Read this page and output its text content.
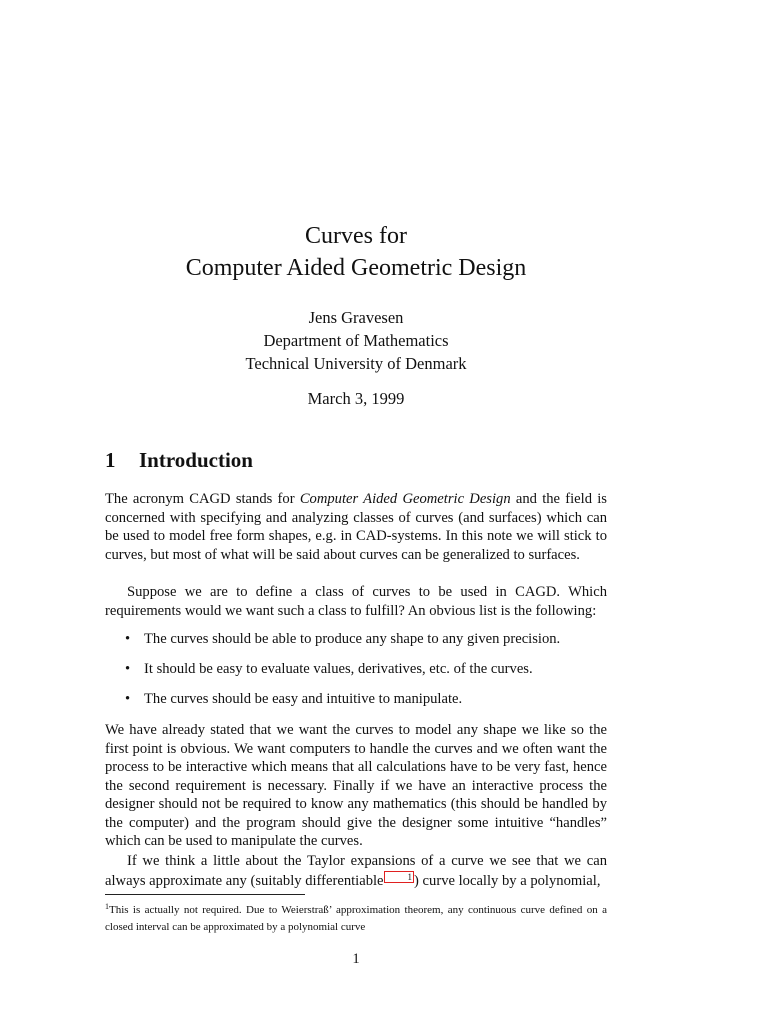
Curves for
Computer Aided Geometric Design
Jens Gravesen
Department of Mathematics
Technical University of Denmark
March 3, 1999
1 Introduction
The acronym CAGD stands for Computer Aided Geometric Design and the field is concerned with specifying and analyzing classes of curves (and surfaces) which can be used to model free form shapes, e.g. in CAD-systems. In this note we will stick to curves, but most of what will be said about curves can be generalized to surfaces.
Suppose we are to define a class of curves to be used in CAGD. Which requirements would we want such a class to fulfill? An obvious list is the following:
• The curves should be able to produce any shape to any given precision.
• It should be easy to evaluate values, derivatives, etc. of the curves.
• The curves should be easy and intuitive to manipulate.
We have already stated that we want the curves to model any shape we like so the first point is obvious. We want computers to handle the curves and we often want the process to be interactive which means that all calculations have to be very fast, hence the second requirement is necessary. Finally if we have an interactive process the designer should not be required to know any mathematics (this should be handled by the computer) and the program should give the designer some intuitive “handles” which can be used to manipulate the curves.
If we think a little about the Taylor expansions of a curve we see that we can always approximate any (suitably differentiable	1 ) curve locally by a polynomial,
$^1$This is actually not required. Due to Weierstraß’ approximation theorem, any continuous curve defined on a closed interval can be approximated by a polynomial curve
1
